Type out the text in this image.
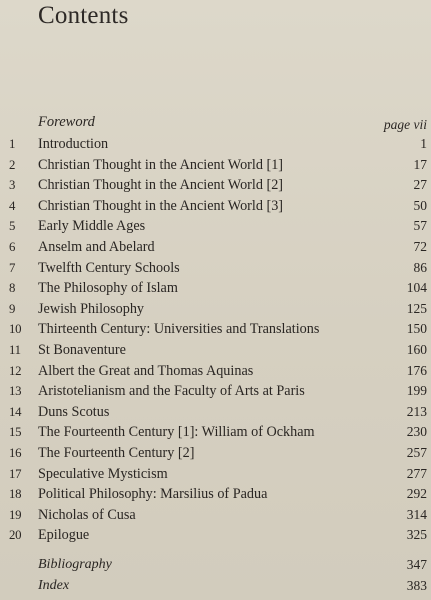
Contents
Foreword	page vii
1 Introduction	1
2 Christian Thought in the Ancient World [1]	17
3 Christian Thought in the Ancient World [2]	27
4 Christian Thought in the Ancient World [3]	50
5 Early Middle Ages	57
6 Anselm and Abelard	72
7 Twelfth Century Schools	86
8 The Philosophy of Islam	104
9 Jewish Philosophy	125
10 Thirteenth Century: Universities and Translations	150
11 St Bonaventure	160
12 Albert the Great and Thomas Aquinas	176
13 Aristotelianism and the Faculty of Arts at Paris	199
14 Duns Scotus	213
15 The Fourteenth Century [1]: William of Ockham	230
16 The Fourteenth Century [2]	257
17 Speculative Mysticism	277
18 Political Philosophy: Marsilius of Padua	292
19 Nicholas of Cusa	314
20 Epilogue	325
Bibliography	347
Index	383
